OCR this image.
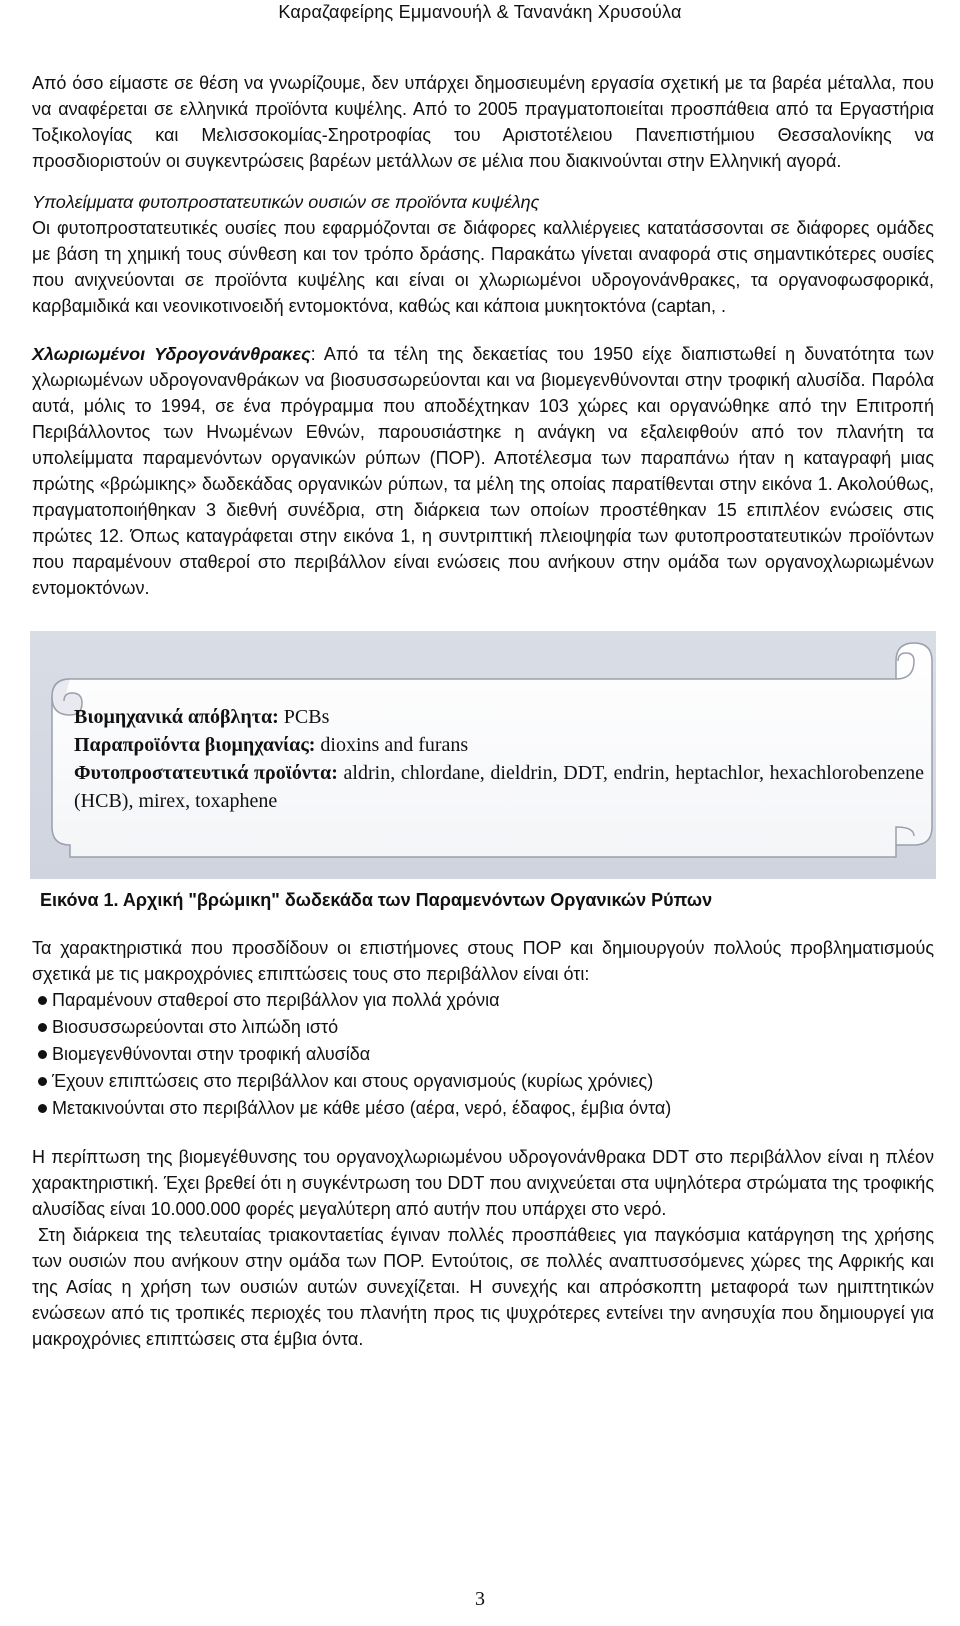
Καραζαφείρης Εμμανουήλ & Τανανάκη Χρυσούλα

Από όσο είμαστε σε θέση να γνωρίζουμε, δεν υπάρχει δημοσιευμένη εργασία σχετική με τα βαρέα μέταλλα, που να αναφέρεται σε ελληνικά προϊόντα κυψέλης. Από το 2005 πραγματοποιείται προσπάθεια από τα Εργαστήρια Τοξικολογίας και Μελισσοκομίας-Σηροτροφίας του Αριστοτέλειου Πανεπιστήμιου Θεσσαλονίκης να προσδιοριστούν οι συγκεντρώσεις βαρέων μετάλλων σε μέλια που διακινούνται στην Ελληνική αγορά.

Υπολείμματα φυτοπροστατευτικών ουσιών σε προϊόντα κυψέλης

Οι φυτοπροστατευτικές ουσίες που εφαρμόζονται σε διάφορες καλλιέργειες κατατάσσονται σε διάφορες ομάδες με βάση τη χημική τους σύνθεση και τον τρόπο δράσης. Παρακάτω γίνεται αναφορά στις σημαντικότερες ουσίες που ανιχνεύονται σε προϊόντα κυψέλης και είναι οι χλωριωμένοι υδρογονάνθρακες, τα οργανοφωσφορικά, καρβαμιδικά και νεονικοτινοειδή εντομοκτόνα, καθώς και κάποια μυκητοκτόνα (captan, .

Χλωριωμένοι Υδρογονάνθρακες: Από τα τέλη της δεκαετίας του 1950 είχε διαπιστωθεί η δυνατότητα των χλωριωμένων υδρογονανθράκων να βιοσυσσωρεύονται και να βιομεγενθύνονται στην τροφική αλυσίδα. Παρόλα αυτά, μόλις το 1994, σε ένα πρόγραμμα που αποδέχτηκαν 103 χώρες και οργανώθηκε από την Επιτροπή Περιβάλλοντος των Ηνωμένων Εθνών, παρουσιάστηκε η ανάγκη να εξαλειφθούν από τον πλανήτη τα υπολείμματα παραμενόντων οργανικών ρύπων (ΠΟΡ). Αποτέλεσμα των παραπάνω ήταν η καταγραφή μιας πρώτης «βρώμικης» δωδεκάδας οργανικών ρύπων, τα μέλη της οποίας παρατίθενται στην εικόνα 1. Ακολούθως, πραγματοποιήθηκαν 3 διεθνή συνέδρια, στη διάρκεια των οποίων προστέθηκαν 15 επιπλέον ενώσεις στις πρώτες 12. Όπως καταγράφεται στην εικόνα 1, η συντριπτική πλειοψηφία των φυτοπροστατευτικών προϊόντων που παραμένουν σταθεροί στο περιβάλλον είναι ενώσεις που ανήκουν στην ομάδα των οργανοχλωριωμένων εντομοκτόνων.

Βιομηχανικά απόβλητα: PCBs
Παραπροϊόντα βιομηχανίας: dioxins and furans
Φυτοπροστατευτικά προϊόντα: aldrin, chlordane, dieldrin, DDT, endrin, heptachlor, hexachlorobenzene (HCB), mirex, toxaphene
Εικόνα 1. Αρχική "βρώμικη" δωδεκάδα των Παραμενόντων Οργανικών Ρύπων

Τα χαρακτηριστικά που προσδίδουν οι επιστήμονες στους ΠΟΡ και δημιουργούν πολλούς προβληματισμούς σχετικά με τις μακροχρόνιες επιπτώσεις τους στο περιβάλλον είναι ότι:

Παραμένουν σταθεροί στο περιβάλλον για πολλά χρόνια
Βιοσυσσωρεύονται στο λιπώδη ιστό
Βιομεγενθύνονται στην τροφική αλυσίδα
Έχουν επιπτώσεις στο περιβάλλον και στους οργανισμούς (κυρίως χρόνιες)
Μετακινούνται στο περιβάλλον με κάθε μέσο (αέρα, νερό, έδαφος, έμβια όντα)

Η περίπτωση της βιομεγέθυνσης του οργανοχλωριωμένου υδρογονάνθρακα DDT στο περιβάλλον είναι η πλέον χαρακτηριστική. Έχει βρεθεί ότι η συγκέντρωση του DDT που ανιχνεύεται στα υψηλότερα στρώματα της τροφικής αλυσίδας είναι 10.000.000 φορές μεγαλύτερη από αυτήν που υπάρχει στο νερό.

Στη διάρκεια της τελευταίας τριακονταετίας έγιναν πολλές προσπάθειες για παγκόσμια κατάργηση της χρήσης των ουσιών που ανήκουν στην ομάδα των ΠΟΡ. Εντούτοις, σε πολλές αναπτυσσόμενες χώρες της Αφρικής και της Ασίας η χρήση των ουσιών αυτών συνεχίζεται. Η συνεχής και απρόσκοπτη μεταφορά των ημιπτητικών ενώσεων από τις τροπικές περιοχές του πλανήτη προς τις ψυχρότερες εντείνει την ανησυχία που δημιουργεί για μακροχρόνιες επιπτώσεις στα έμβια όντα.

3
